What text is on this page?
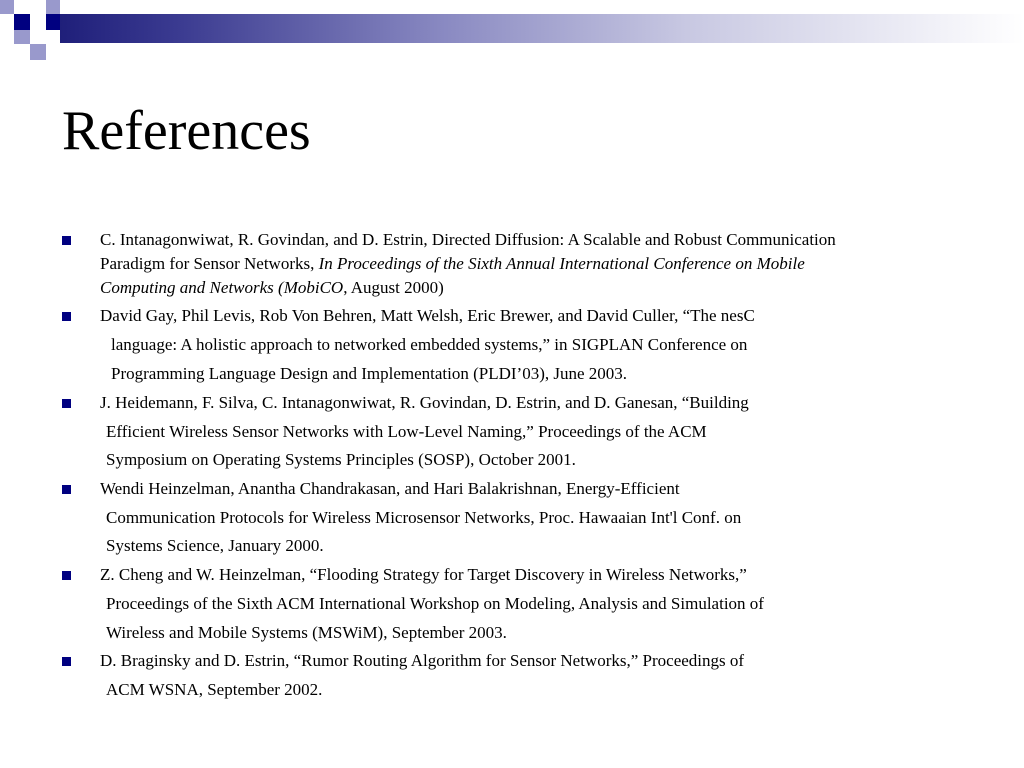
References
C. Intanagonwiwat, R. Govindan, and D. Estrin, Directed Diffusion: A Scalable and Robust Communication
Paradigm for Sensor Networks, In Proceedings of the Sixth Annual International Conference on Mobile
Computing and Networks (MobiCO, August 2000)
David Gay, Phil Levis, Rob Von Behren, Matt Welsh, Eric Brewer, and David Culler, “The nesC
language: A holistic approach to networked embedded systems,” in SIGPLAN Conference on
Programming Language Design and Implementation (PLDI’03), June 2003.
J. Heidemann, F. Silva, C. Intanagonwiwat, R. Govindan, D. Estrin, and D. Ganesan, “Building
Efficient Wireless Sensor Networks with Low-Level Naming,” Proceedings of the ACM
Symposium on Operating Systems Principles (SOSP), October 2001.
Wendi Heinzelman, Anantha Chandrakasan, and Hari Balakrishnan, Energy-Efficient
Communication Protocols for Wireless Microsensor Networks, Proc. Hawaaian Int'l Conf. on
Systems Science, January 2000.
Z. Cheng and W. Heinzelman, “Flooding Strategy for Target Discovery in Wireless Networks,”
Proceedings of the Sixth ACM International Workshop on Modeling, Analysis and Simulation of
Wireless and Mobile Systems (MSWiM), September 2003.
D. Braginsky and D. Estrin, “Rumor Routing Algorithm for Sensor Networks,” Proceedings of
ACM WSNA, September 2002.
